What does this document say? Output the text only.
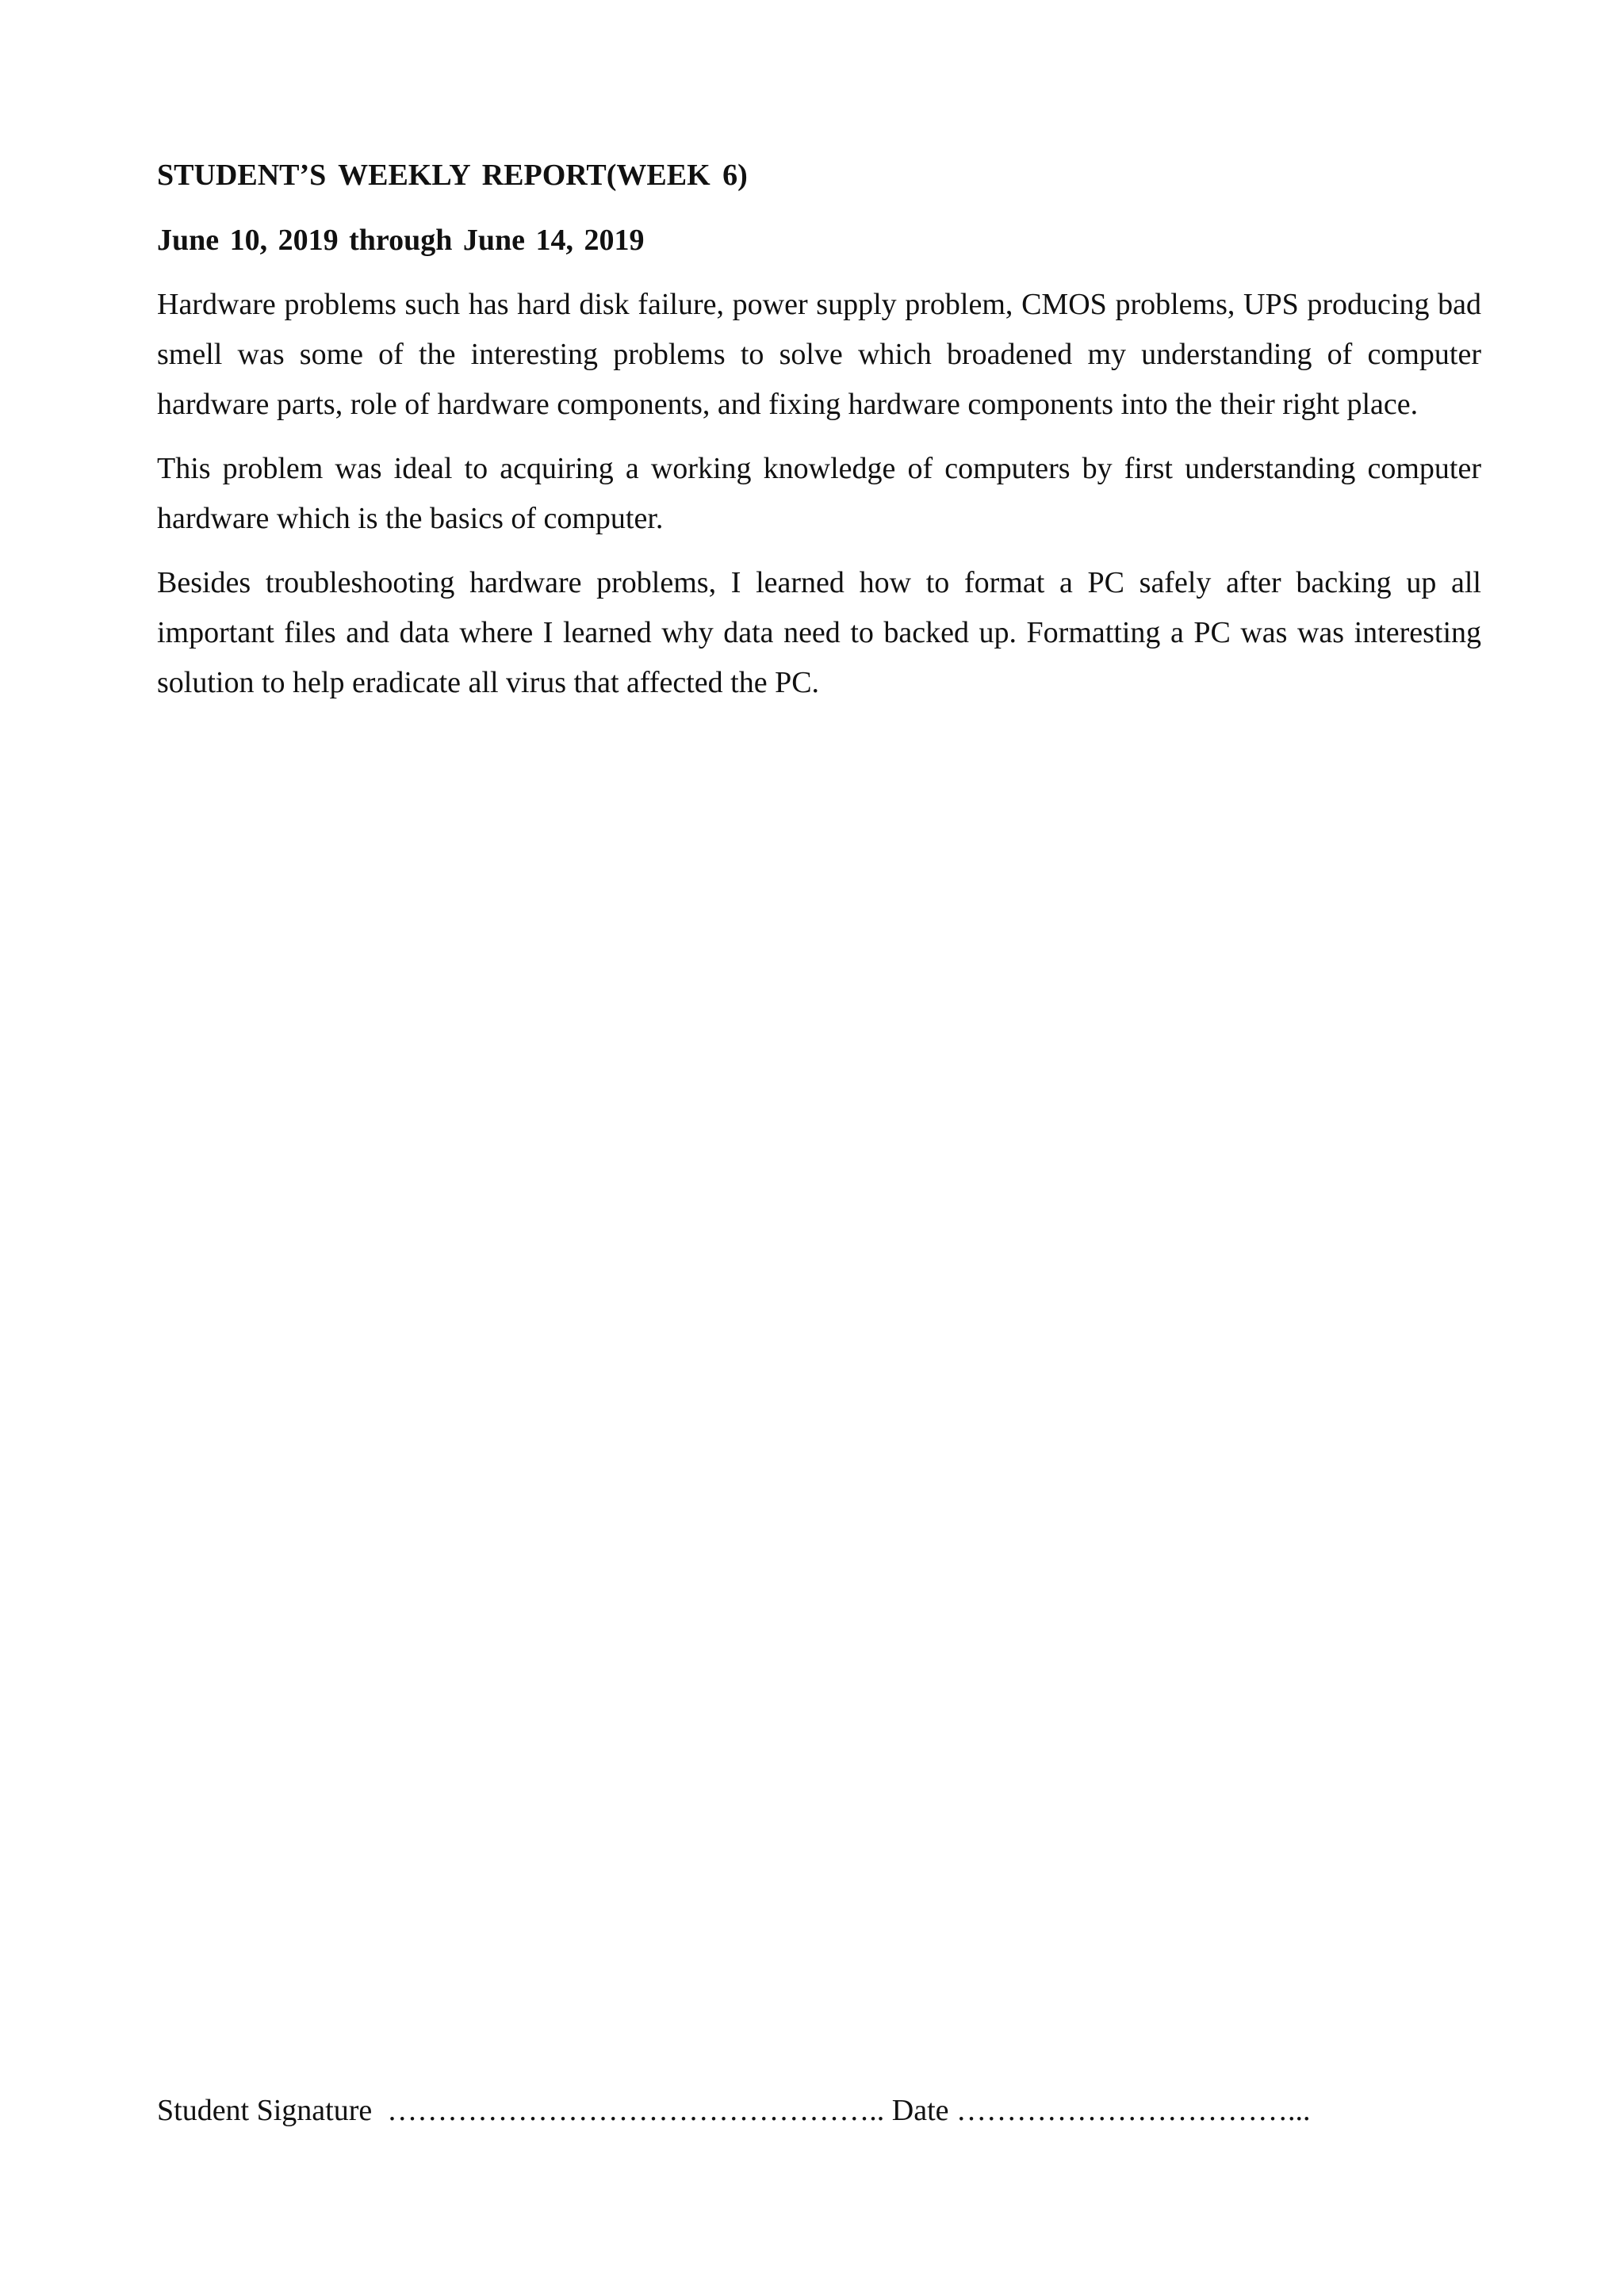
STUDENT’S WEEKLY REPORT(WEEK 6)
June 10, 2019 through June 14, 2019

Hardware problems such has hard disk failure, power supply problem, CMOS problems, UPS producing bad smell was some of the interesting problems to solve which broadened my understanding of computer hardware parts, role of hardware components, and fixing hardware components into the their right place.

This problem was ideal to acquiring a working knowledge of computers by first understanding computer hardware which is the basics of computer.

Besides troubleshooting hardware problems, I learned how to format a PC safely after backing up all important files and data where I learned why data need to backed up. Formatting a PC was was interesting solution to help eradicate all virus that affected the PC.

Student Signature ………………………………………….. Date ……………………………...
